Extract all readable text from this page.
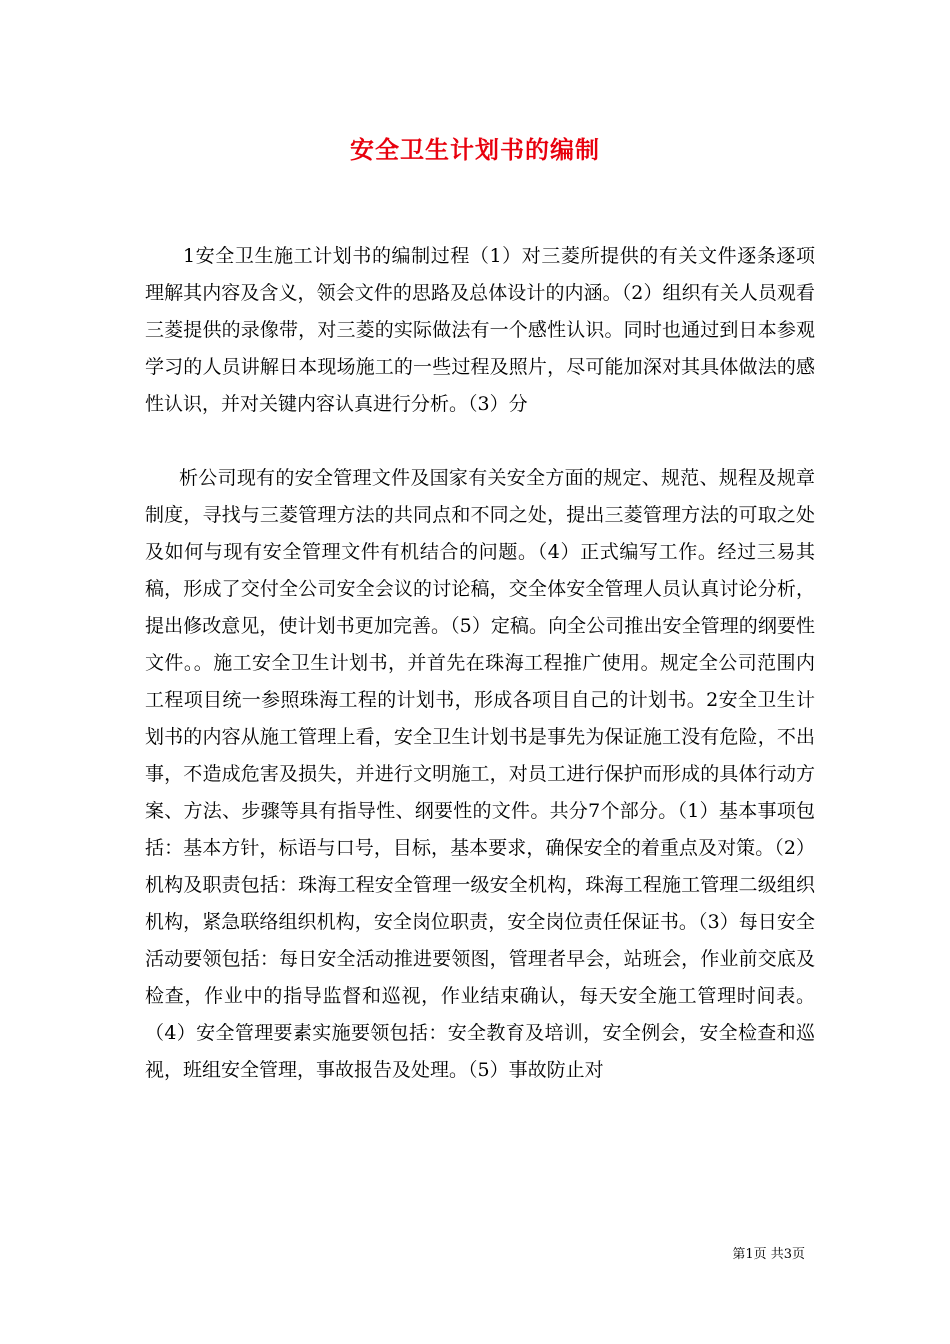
安全卫生计划书的编制

1安全卫生施工计划书的编制过程（1）对三菱所提供的有关文件逐条逐项理解其内容及含义，领会文件的思路及总体设计的内涵。（2）组织有关人员观看三菱提供的录像带，对三菱的实际做法有一个感性认识。同时也通过到日本参观学习的人员讲解日本现场施工的一些过程及照片，尽可能加深对其具体做法的感性认识，并对关键内容认真进行分析。（3）分

析公司现有的安全管理文件及国家有关安全方面的规定、规范、规程及规章制度，寻找与三菱管理方法的共同点和不同之处，提出三菱管理方法的可取之处及如何与现有安全管理文件有机结合的问题。（4）正式编写工作。经过三易其稿，形成了交付全公司安全会议的讨论稿，交全体安全管理人员认真讨论分析，提出修改意见，使计划书更加完善。（5）定稿。向全公司推出安全管理的纲要性文件。。施工安全卫生计划书，并首先在珠海工程推广使用。规定全公司范围内工程项目统一参照珠海工程的计划书，形成各项目自己的计划书。2安全卫生计划书的内容从施工管理上看，安全卫生计划书是事先为保证施工没有危险，不出事，不造成危害及损失，并进行文明施工，对员工进行保护而形成的具体行动方案、方法、步骤等具有指导性、纲要性的文件。共分7个部分。（1）基本事项包括：基本方针，标语与口号，目标，基本要求，确保安全的着重点及对策。（2）机构及职责包括：珠海工程安全管理一级安全机构，珠海工程施工管理二级组织机构，紧急联络组织机构，安全岗位职责，安全岗位责任保证书。（3）每日安全活动要领包括：每日安全活动推进要领图，管理者早会，站班会，作业前交底及检查，作业中的指导监督和巡视，作业结束确认，每天安全施工管理时间表。（4）安全管理要素实施要领包括：安全教育及培训，安全例会，安全检查和巡视，班组安全管理，事故报告及处理。（5）事故防止对

第1页 共3页
